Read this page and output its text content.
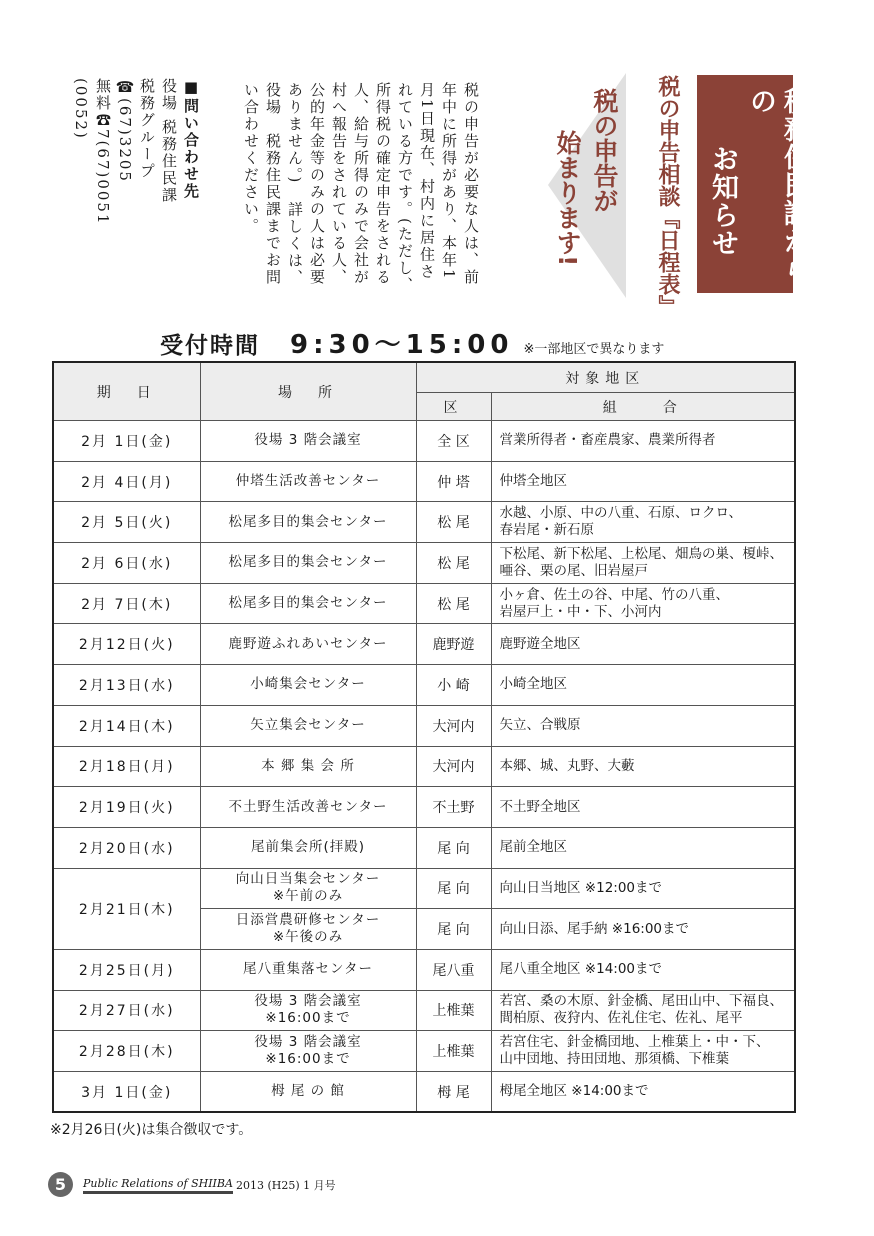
税務住民課からの
お知らせ
税の申告相談『日程表』
税の申告が
始まります!
税の申告が必要な人は、前年中に所得があり、本年1月1日現在、村内に居住されている方です。(ただし、所得税の確定申告をされる人、給与所得のみで会社が村へ報告をされている人、公的年金等のみの人は必要ありません。)　詳しくは、役場　税務住民課までお問い合わせください。
■問い合わせ先
役場 税務住民課
税務グループ
☎(67)3205
無料☎7(67)0051
(0052)
受付時間 9:30～15:00 ※一部地区で異なります
期　日	場　所	対象地区	
		区	組　　合
2月 1日(金)	役場 3 階会議室	全 区	営業所得者・畜産農家、農業所得者
2月 4日(月)	仲塔生活改善センター	仲 塔	仲塔全地区
2月 5日(火)	松尾多目的集会センター	松 尾	水越、小原、中の八重、石原、ロクロ、
春岩尾・新石原
2月 6日(水)	松尾多目的集会センター	松 尾	下松尾、新下松尾、上松尾、畑鳥の巣、榎峠、
唖谷、栗の尾、旧岩屋戸
2月 7日(木)	松尾多目的集会センター	松 尾	小ヶ倉、佐土の谷、中尾、竹の八重、
岩屋戸上・中・下、小河内
2月12日(火)	鹿野遊ふれあいセンター	鹿野遊	鹿野遊全地区
2月13日(水)	小崎集会センター	小 崎	小崎全地区
2月14日(木)	矢立集会センター	大河内	矢立、合戦原
2月18日(月)	本 郷 集 会 所	大河内	本郷、城、丸野、大藪
2月19日(火)	不土野生活改善センター	不土野	不土野全地区
2月20日(水)	尾前集会所(拝殿)	尾 向	尾前全地区
2月21日(木)	向山日当集会センター
※午前のみ	尾 向	向山日当地区 ※12:00まで
	日添営農研修センター
※午後のみ	尾 向	向山日添、尾手納 ※16:00まで
2月25日(月)	尾八重集落センター	尾八重	尾八重全地区 ※14:00まで
2月27日(水)	役場 3 階会議室
※16:00まで	上椎葉	若宮、桑の木原、針金橋、尾田山中、下福良、
間柏原、夜狩内、佐礼住宅、佐礼、尾平
2月28日(木)	役場 3 階会議室
※16:00まで	上椎葉	若宮住宅、針金橋団地、上椎葉上・中・下、
山中団地、持田団地、那須橋、下椎葉
3月 1日(金)	栂 尾 の 館	栂 尾	栂尾全地区 ※14:00まで
※2月26日(火)は集合徴収です。
5	Public Relations of SHIIBA 2013 (H25) 1 月号
